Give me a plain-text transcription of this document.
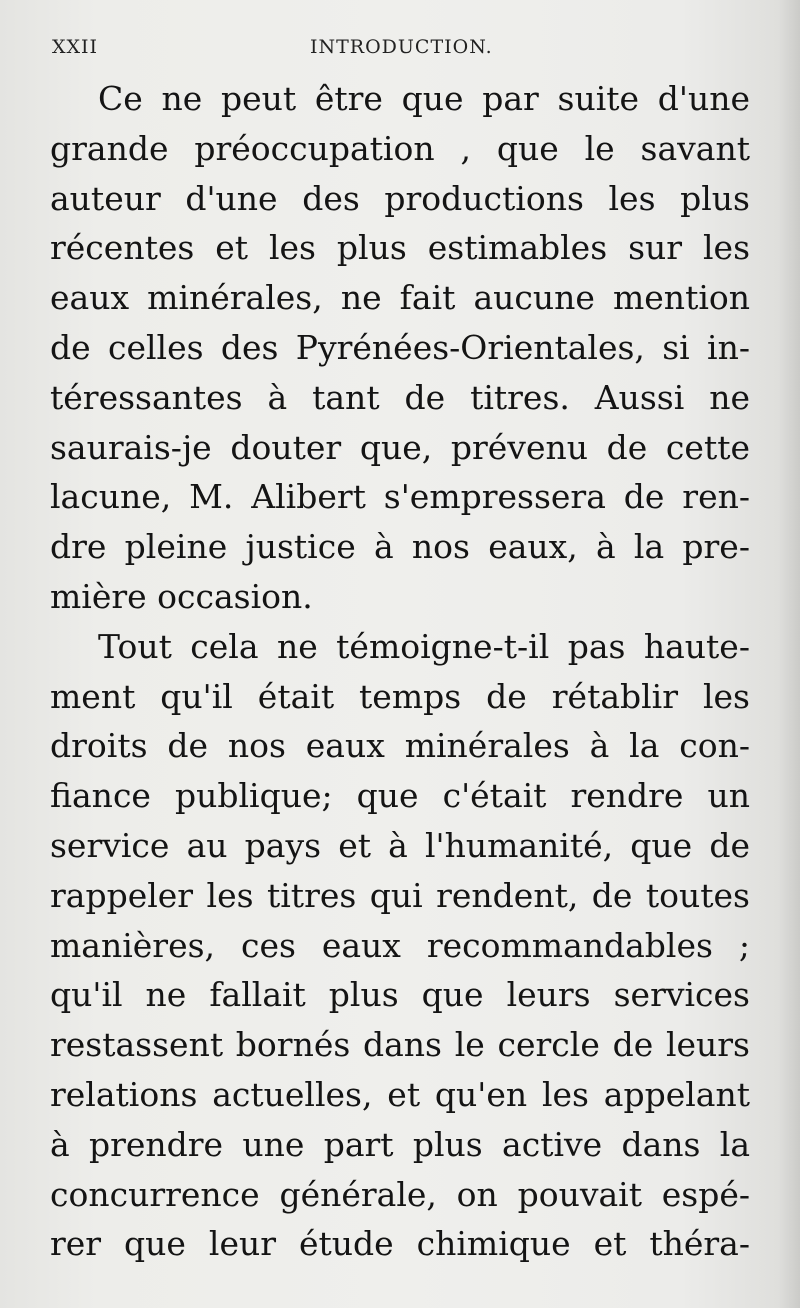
XXII	INTRODUCTION.
Ce ne peut être que par suite d'une
grande préoccupation , que le savant
auteur d'une des productions les plus
récentes et les plus estimables sur les
eaux minérales, ne fait aucune mention
de celles des Pyrénées-Orientales, si in-
téressantes à tant de titres. Aussi ne
saurais-je douter que, prévenu de cette
lacune, M. Alibert s'empressera de ren-
dre pleine justice à nos eaux, à la pre-
mière occasion.
Tout cela ne témoigne-t-il pas haute-
ment qu'il était temps de rétablir les
droits de nos eaux minérales à la con-
fiance publique; que c'était rendre un
service au pays et à l'humanité, que de
rappeler les titres qui rendent, de toutes
manières, ces eaux recommandables ;
qu'il ne fallait plus que leurs services
restassent bornés dans le cercle de leurs
relations actuelles, et qu'en les appelant
à prendre une part plus active dans la
concurrence générale, on pouvait espé-
rer que leur étude chimique et théra-
